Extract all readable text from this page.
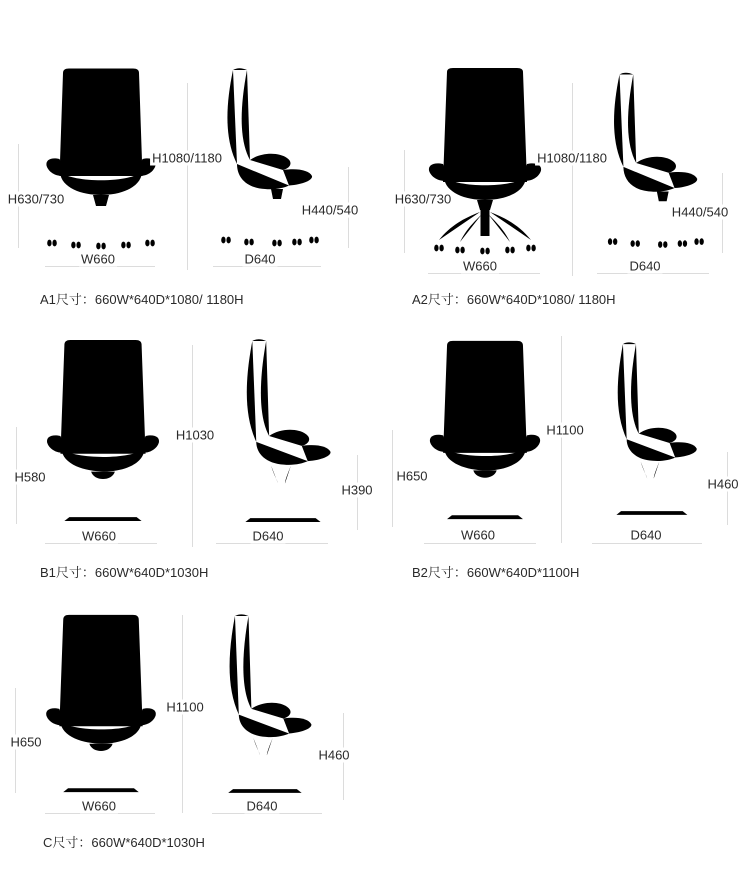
H630/730
H1080/1180
H440/540
W660	D640
A1尺寸：660W*640D*1080/ 1180H
H630/730
H1080/1180
H440/540
W660	D640
A2尺寸：660W*640D*1080/ 1180H
H580
H1030
H390
W660	D640
B1尺寸：660W*640D*1030H
H650
H1100
H460
W660	D640
B2尺寸：660W*640D*1100H
H650
H1100
H460
W660	D640
C尺寸：660W*640D*1030H
